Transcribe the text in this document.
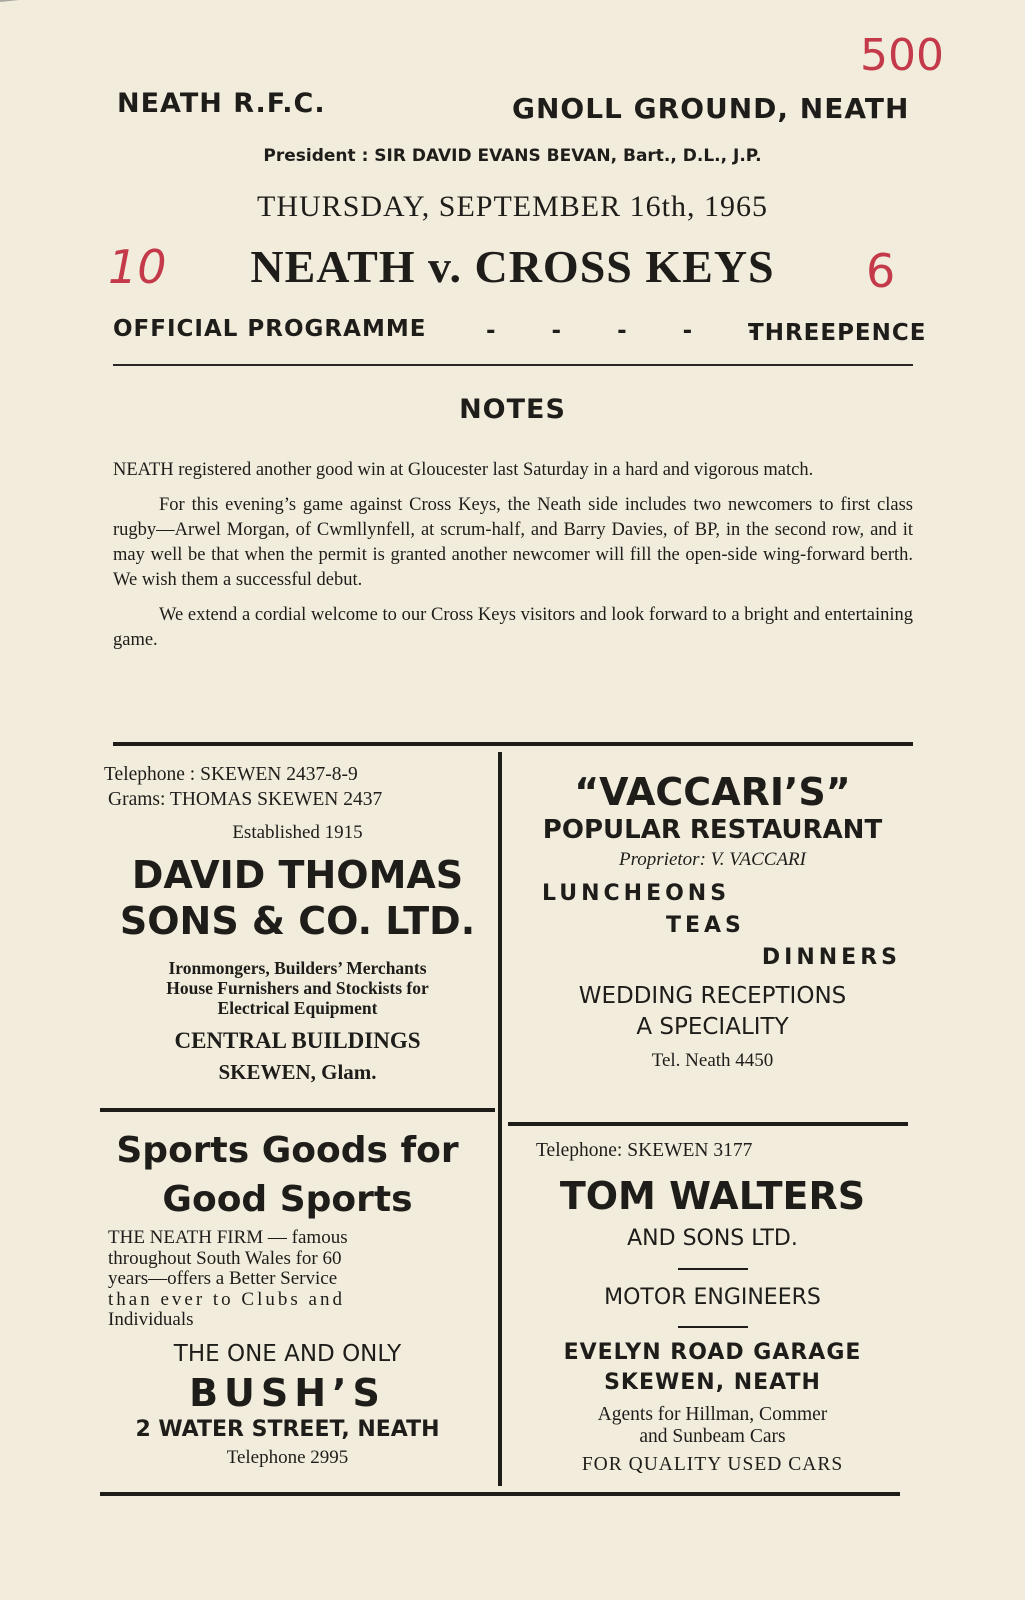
500
NEATH R.F.C.	GNOLL GROUND, NEATH
President : SIR DAVID EVANS BEVAN, Bart., D.L., J.P.
THURSDAY, SEPTEMBER 16th, 1965
10	NEATH v. CROSS KEYS	6
OFFICIAL PROGRAMME	- - - - -
THREEPENCE
NOTES

NEATH registered another good win at Gloucester last Saturday in a hard and vigorous match.

For this evening’s game against Cross Keys, the Neath side includes two newcomers to first class rugby—Arwel Morgan, of Cwmllynfell, at scrum-half, and Barry Davies, of BP, in the second row, and it may well be that when the permit is granted another newcomer will fill the open-side wing-forward berth. We wish them a successful debut.

We extend a cordial welcome to our Cross Keys visitors and look forward to a bright and entertaining game.

Telephone : SKEWEN 2437-8-9
Grams: THOMAS SKEWEN 2437
Established 1915
DAVID THOMAS
SONS & CO. LTD.
Ironmongers, Builders’ Merchants
House Furnishers and Stockists for
Electrical Equipment
CENTRAL BUILDINGS
SKEWEN, Glam.
“VACCARI’S”
POPULAR RESTAURANT
Proprietor: V. VACCARI
LUNCHEONS
TEAS
DINNERS
WEDDING RECEPTIONS
A SPECIALITY
Tel. Neath 4450
Sports Goods for
Good Sports
THE NEATH FIRM — famous
throughout South Wales for 60
years—offers a Better Service
than ever to Clubs and
Individuals
THE ONE AND ONLY
BUSH’S
2 WATER STREET, NEATH
Telephone 2995
Telephone: SKEWEN 3177
TOM WALTERS
AND SONS LTD.
MOTOR ENGINEERS
EVELYN ROAD GARAGE
SKEWEN, NEATH
Agents for Hillman, Commer
and Sunbeam Cars
FOR QUALITY USED CARS
